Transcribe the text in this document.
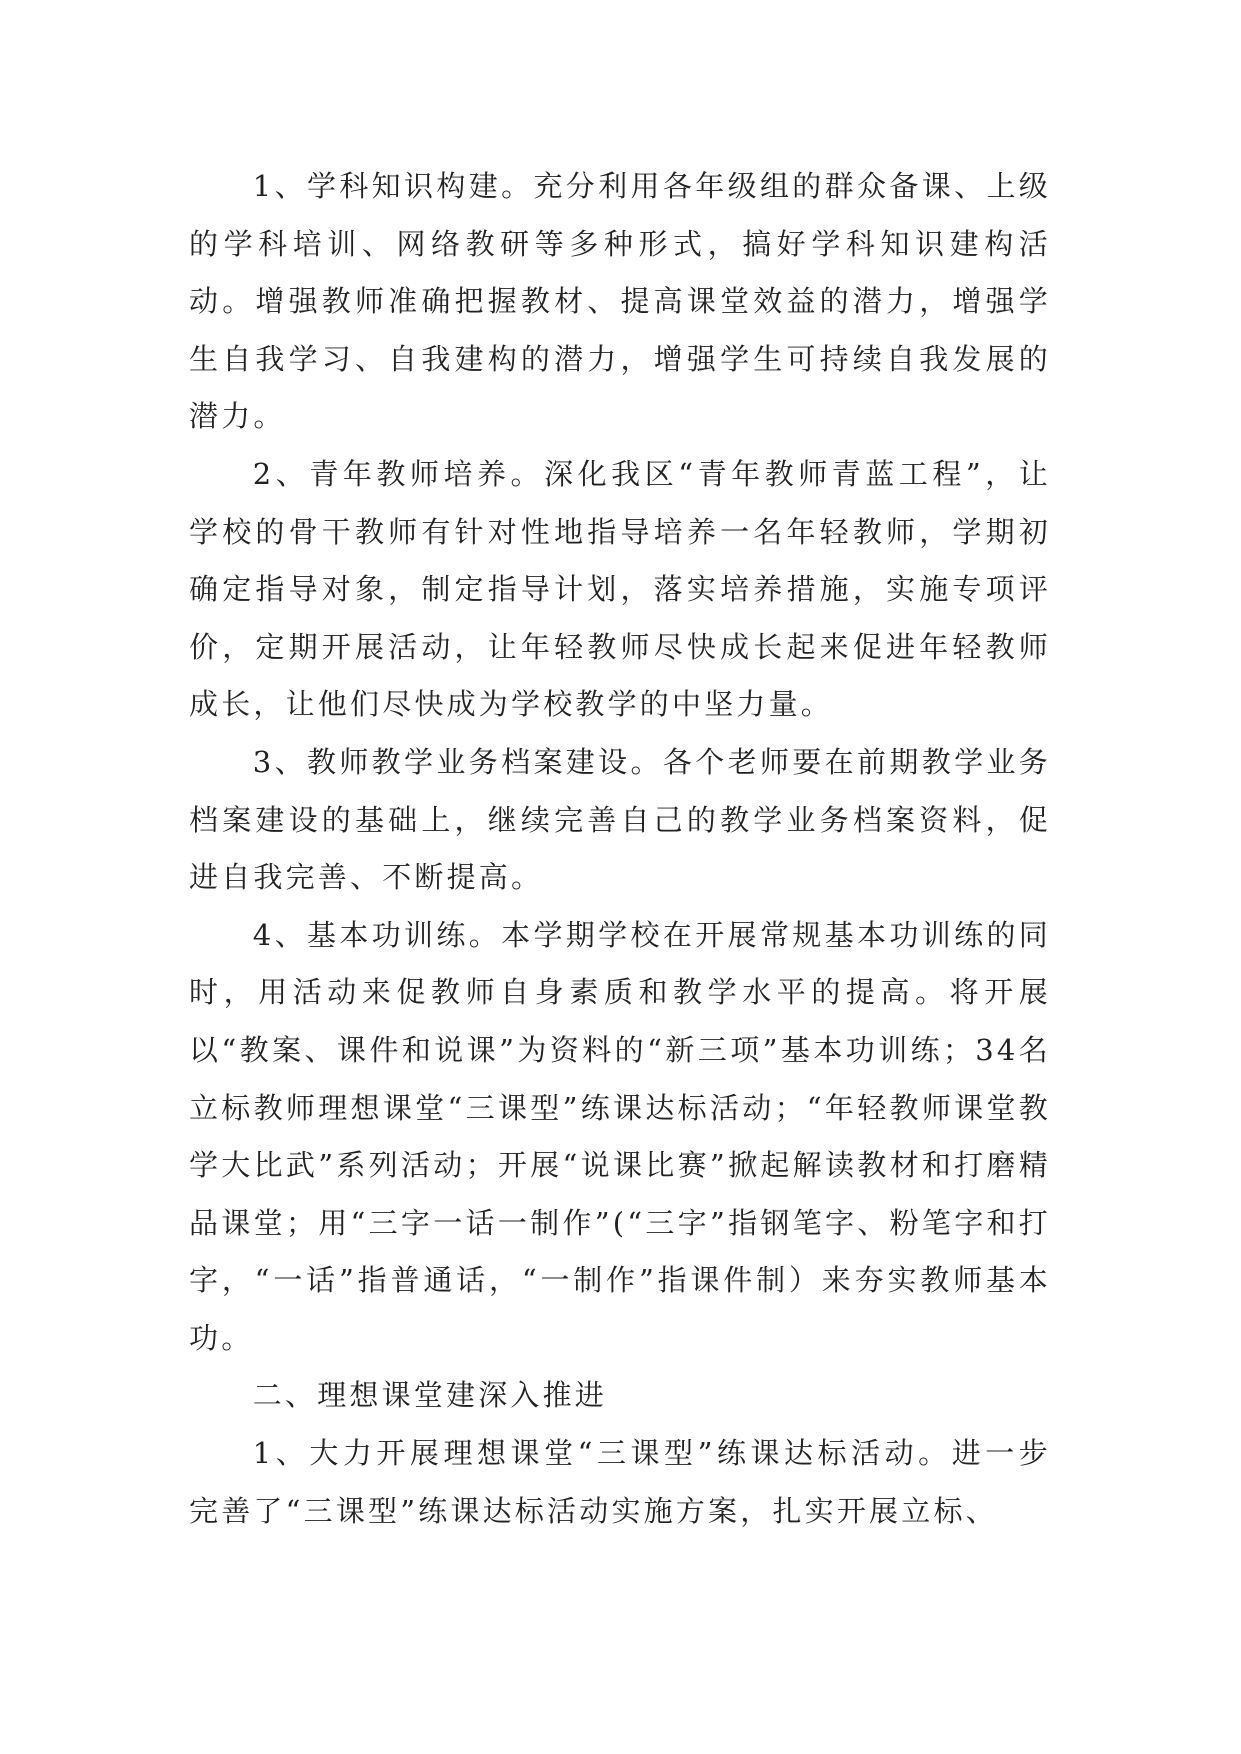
1、学科知识构建。充分利用各年级组的群众备课、上级的学科培训、网络教研等多种形式，搞好学科知识建构活动。增强教师准确把握教材、提高课堂效益的潜力，增强学生自我学习、自我建构的潜力，增强学生可持续自我发展的潜力。

2、青年教师培养。深化我区“青年教师青蓝工程”，让学校的骨干教师有针对性地指导培养一名年轻教师，学期初确定指导对象，制定指导计划，落实培养措施，实施专项评价，定期开展活动，让年轻教师尽快成长起来促进年轻教师成长，让他们尽快成为学校教学的中坚力量。

3、教师教学业务档案建设。各个老师要在前期教学业务档案建设的基础上，继续完善自己的教学业务档案资料，促进自我完善、不断提高。

4、基本功训练。本学期学校在开展常规基本功训练的同时，用活动来促教师自身素质和教学水平的提高。将开展以“教案、课件和说课”为资料的“新三项”基本功训练；34名立标教师理想课堂“三课型”练课达标活动；“年轻教师课堂教学大比武”系列活动；开展“说课比赛”掀起解读教材和打磨精品课堂；用“三字一话一制作”(“三字”指钢笔字、粉笔字和打字，“一话”指普通话，“一制作”指课件制）来夯实教师基本功。

二、理想课堂建深入推进

1、大力开展理想课堂“三课型”练课达标活动。进一步完善了“三课型”练课达标活动实施方案，扎实开展立标、
